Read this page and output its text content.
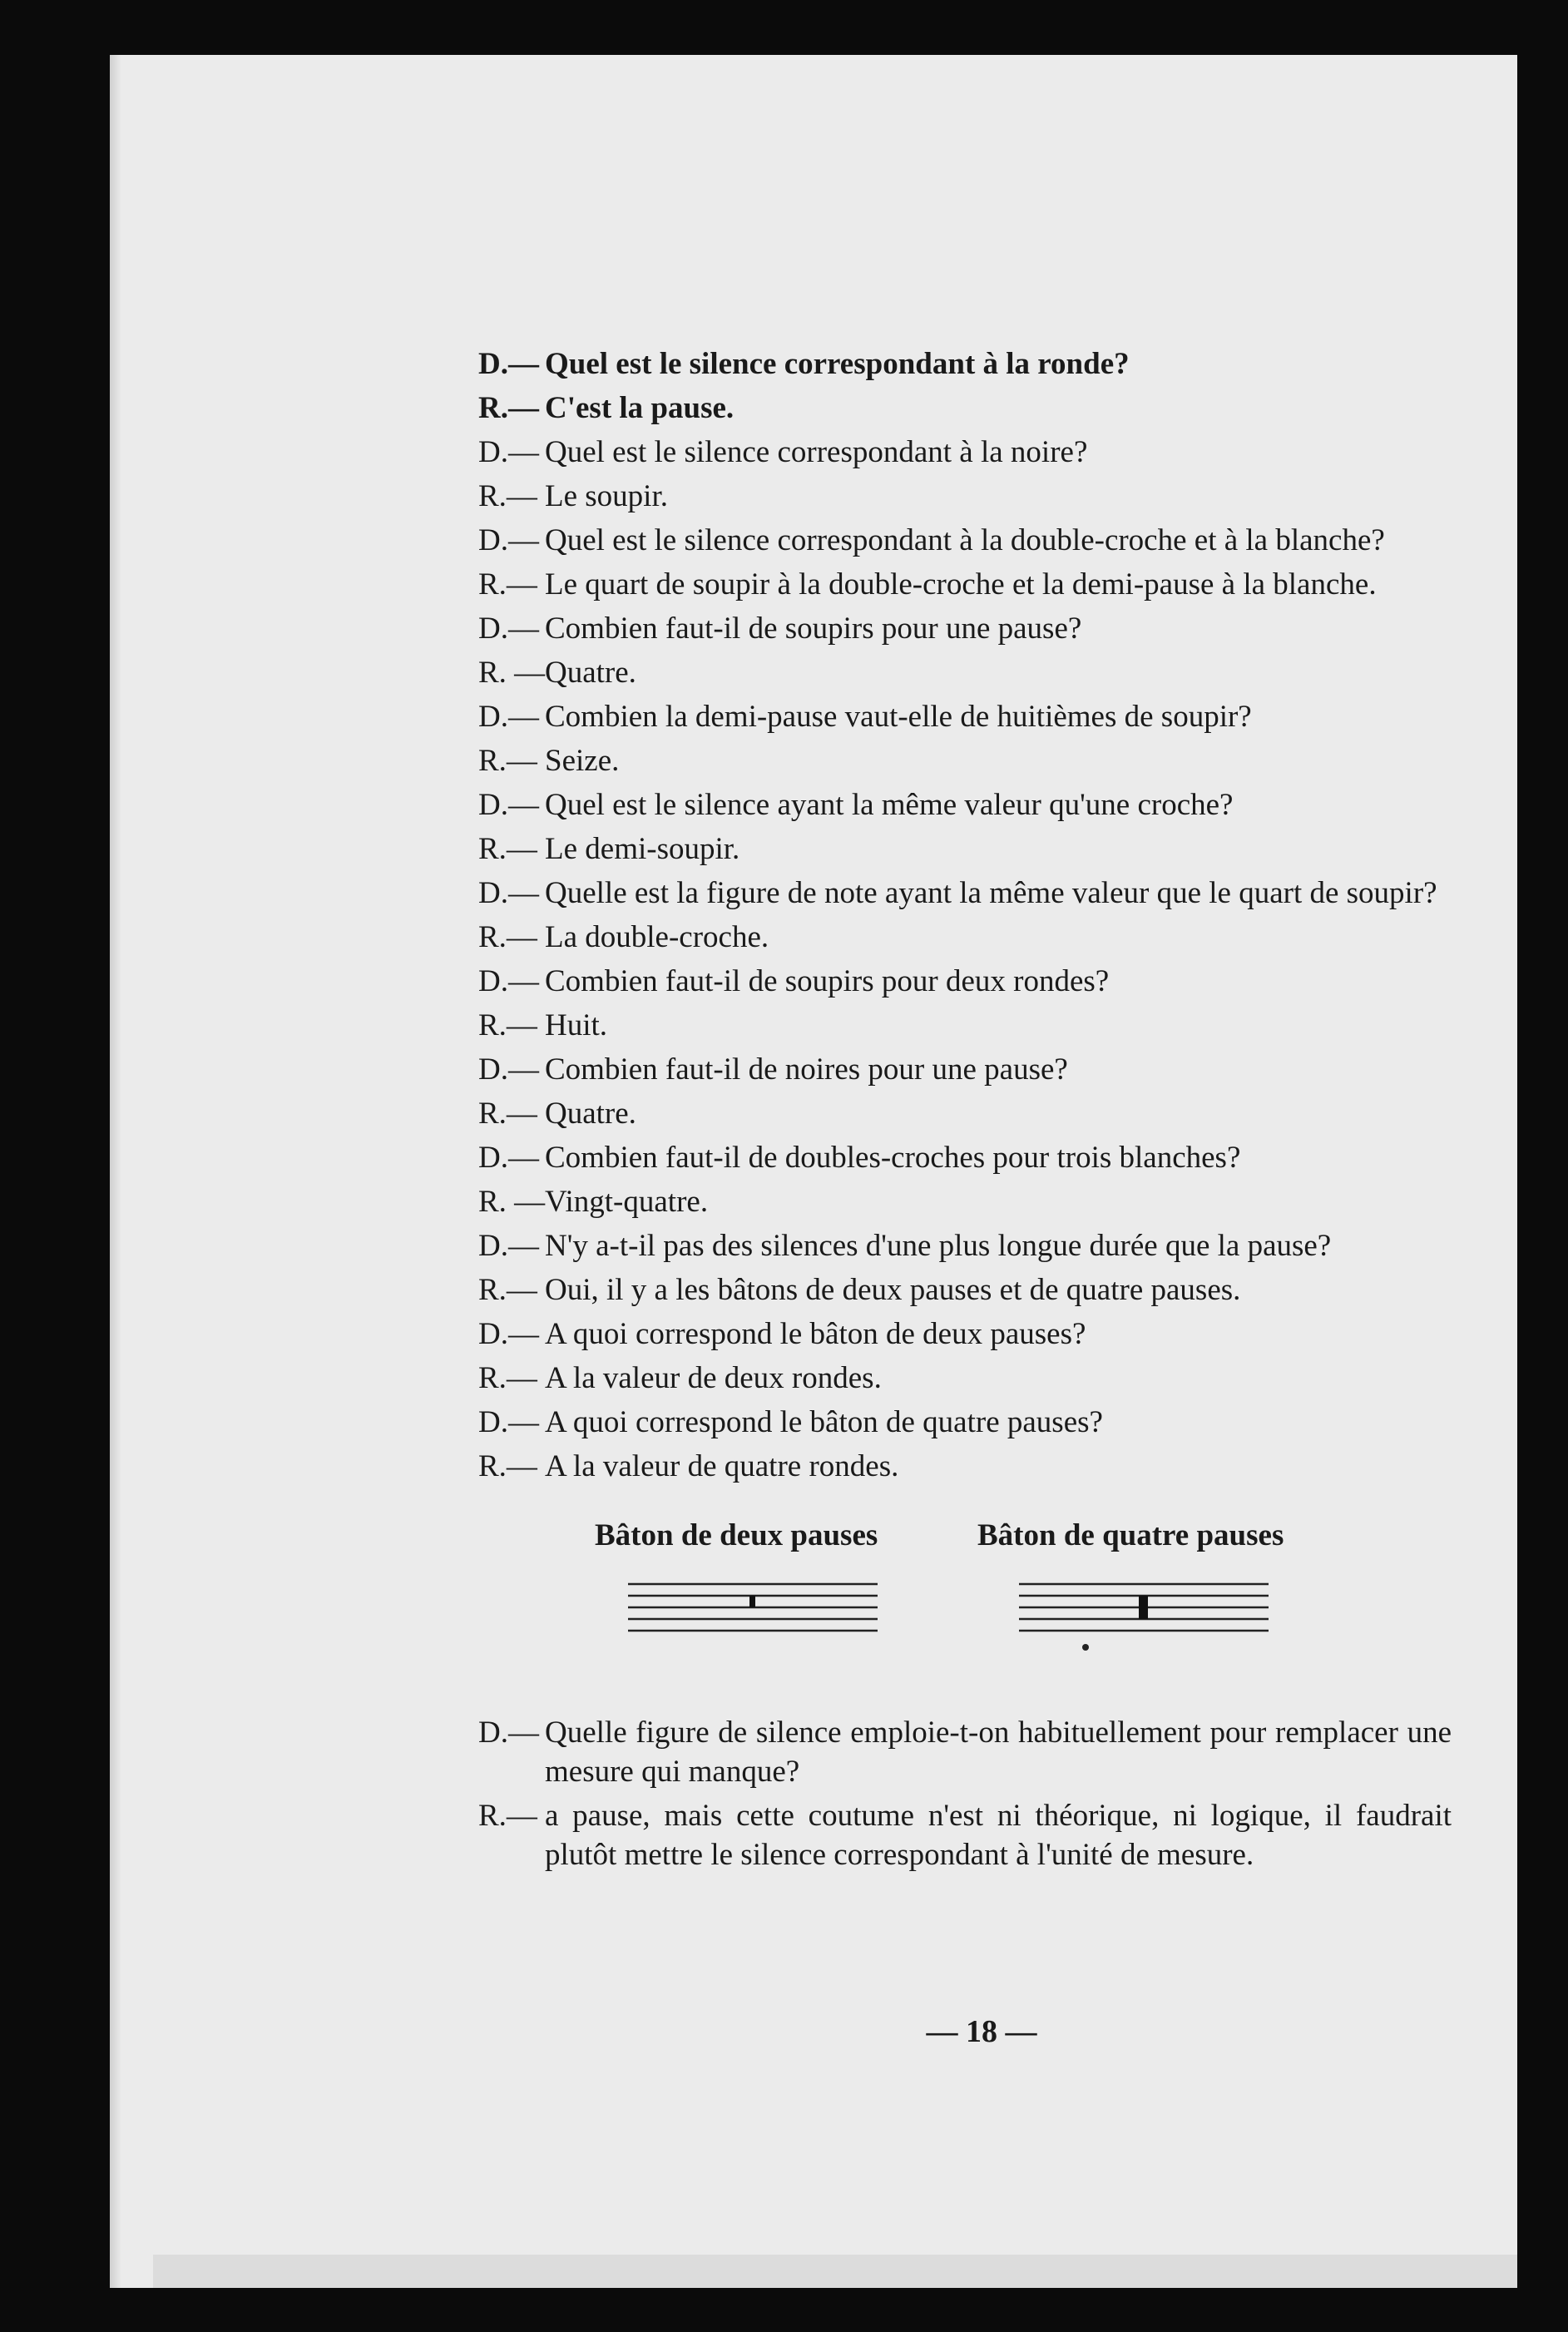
D.— Quel est le silence correspondant à la ronde?
R.— C'est la pause.
D.— Quel est le silence correspondant à la noire?
R.— Le soupir.
D.— Quel est le silence correspondant à la double-croche et à la blanche?
R.— Le quart de soupir à la double-croche et la demi-pause à la blanche.
D.— Combien faut-il de soupirs pour une pause?
R. — Quatre.
D.— Combien la demi-pause vaut-elle de huitièmes de soupir?
R.— Seize.
D.— Quel est le silence ayant la même valeur qu'une croche?
R.— Le demi-soupir.
D.— Quelle est la figure de note ayant la même valeur que le quart de soupir?
R.— La double-croche.
D.— Combien faut-il de soupirs pour deux rondes?
R.— Huit.
D.— Combien faut-il de noires pour une pause?
R.— Quatre.
D.— Combien faut-il de doubles-croches pour trois blanches?
R. — Vingt-quatre.
D.— N'y a-t-il pas des silences d'une plus longue durée que la pause?
R.— Oui, il y a les bâtons de deux pauses et de quatre pauses.
D.— A quoi correspond le bâton de deux pauses?
R.— A la valeur de deux rondes.
D.— A quoi correspond le bâton de quatre pauses?
R.— A la valeur de quatre rondes.
Bâton de deux pauses	Bâton de quatre pauses
D.— Quelle figure de silence emploie-t-on habituellement pour remplacer une mesure qui manque?
R.— a pause, mais cette coutume n'est ni théorique, ni logique, il faudrait plutôt mettre le silence correspondant à l'unité de mesure.
— 18 —
